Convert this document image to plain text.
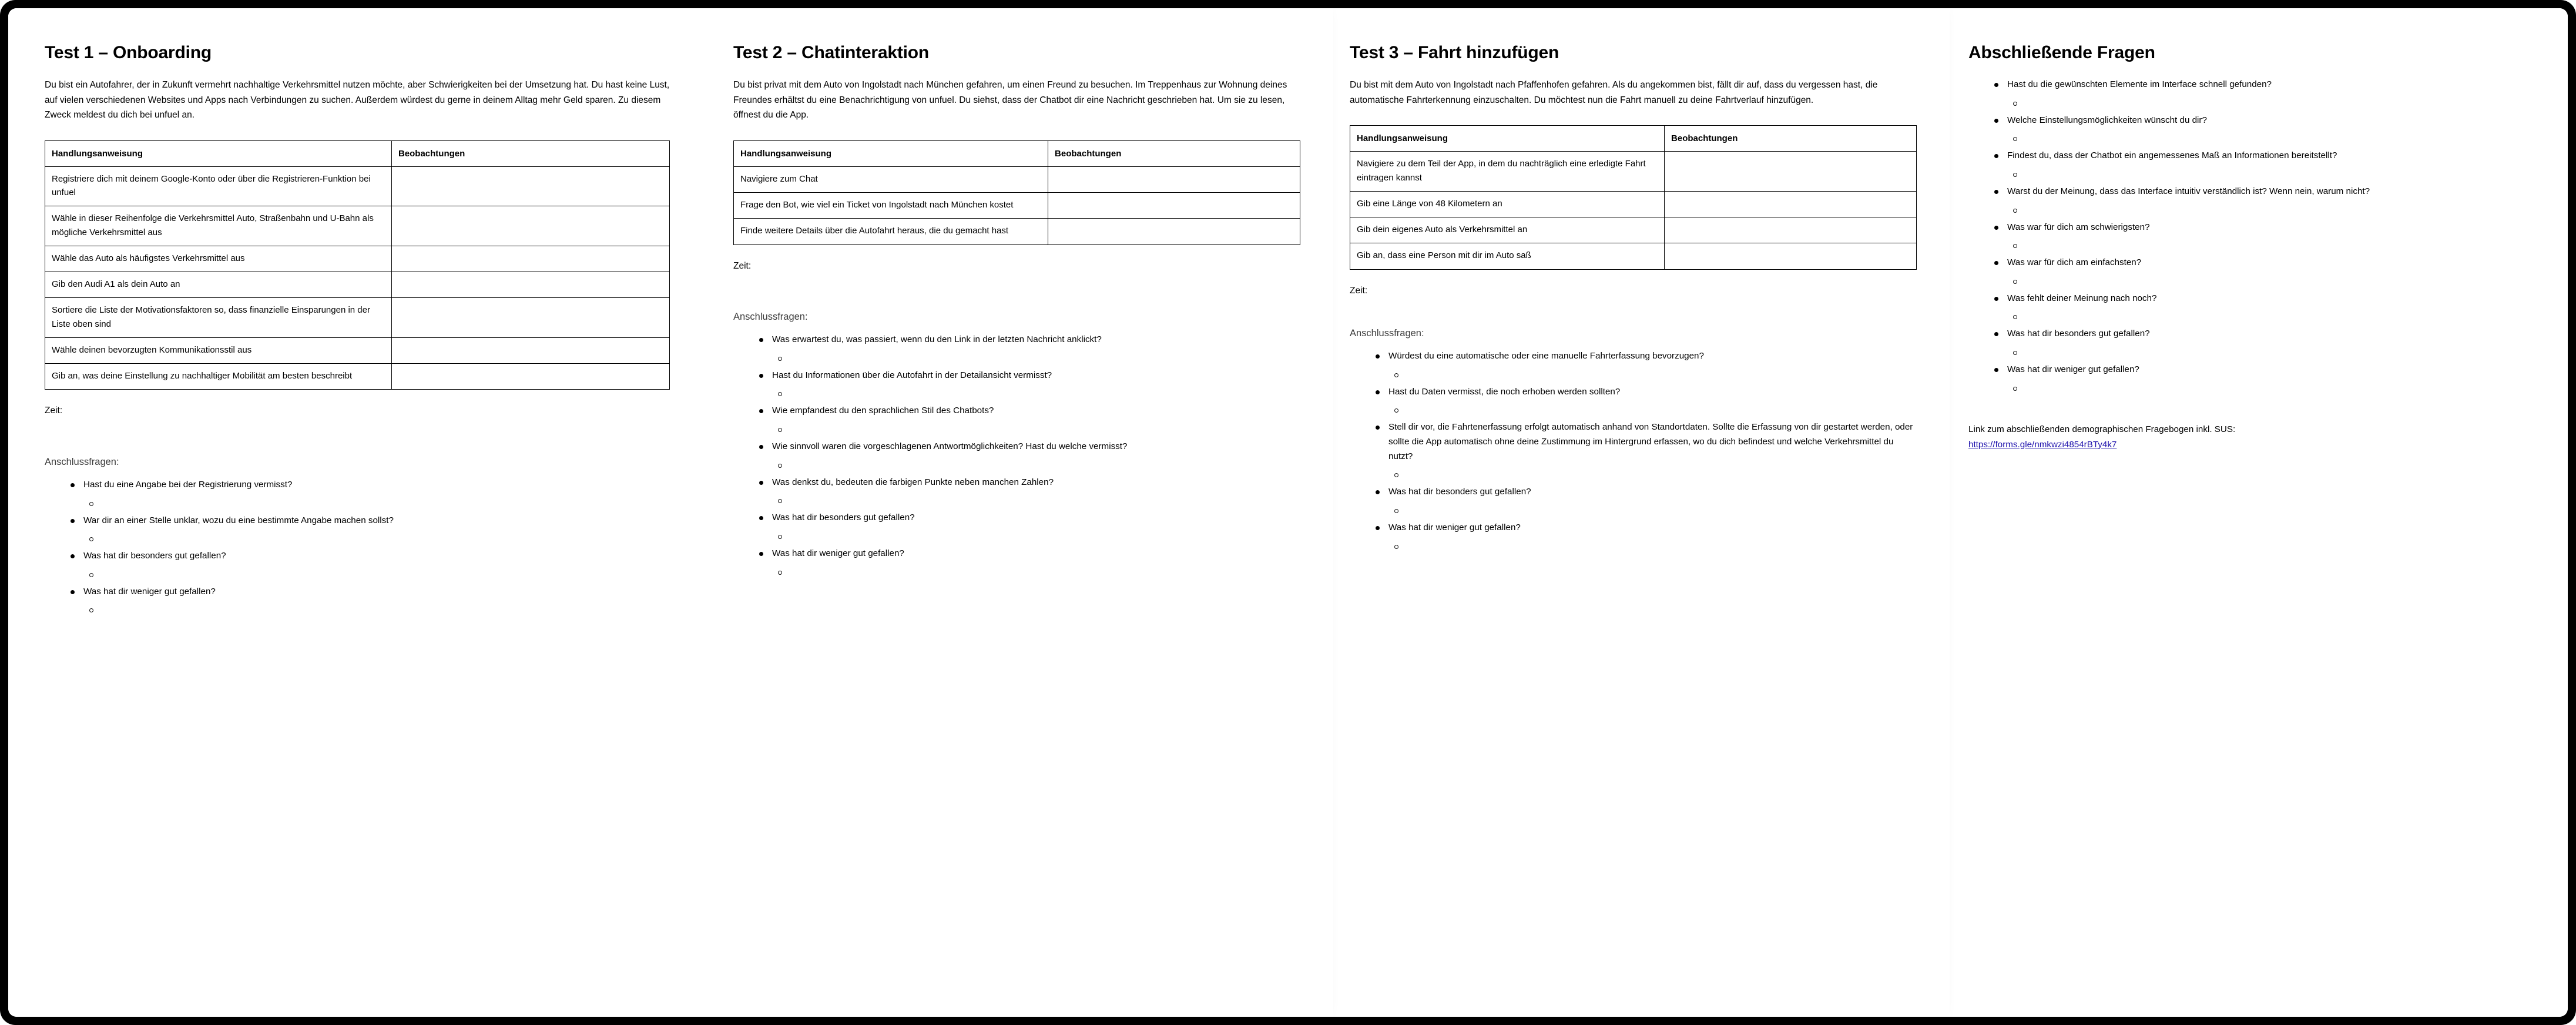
Test 1 – Onboarding

Du bist ein Autofahrer, der in Zukunft vermehrt nachhaltige Verkehrsmittel nutzen möchte, aber Schwierigkeiten bei der Umsetzung hat. Du hast keine Lust, auf vielen verschiedenen Websites und Apps nach Verbindungen zu suchen. Außerdem würdest du gerne in deinem Alltag mehr Geld sparen. Zu diesem Zweck meldest du dich bei unfuel an.

Handlungsanweisung	Beobachtungen
Registriere dich mit deinem Google-Konto oder über die Registrieren-Funktion bei unfuel	
Wähle in dieser Reihenfolge die Verkehrsmittel Auto, Straßenbahn und U-Bahn als mögliche Verkehrsmittel aus	
Wähle das Auto als häufigstes Verkehrsmittel aus	
Gib den Audi A1 als dein Auto an	
Sortiere die Liste der Motivationsfaktoren so, dass finanzielle Einsparungen in der Liste oben sind	
Wähle deinen bevorzugten Kommunikationsstil aus	
Gib an, was deine Einstellung zu nachhaltiger Mobilität am besten beschreibt	

Zeit:

Anschlussfragen:

Hast du eine Angabe bei der Registrierung vermisst?
War dir an einer Stelle unklar, wozu du eine bestimmte Angabe machen sollst?
Was hat dir besonders gut gefallen?
Was hat dir weniger gut gefallen?
Test 2 – Chatinteraktion

Du bist privat mit dem Auto von Ingolstadt nach München gefahren, um einen Freund zu besuchen. Im Treppenhaus zur Wohnung deines Freundes erhältst du eine Benachrichtigung von unfuel. Du siehst, dass der Chatbot dir eine Nachricht geschrieben hat. Um sie zu lesen, öffnest du die App.

Handlungsanweisung	Beobachtungen
Navigiere zum Chat	
Frage den Bot, wie viel ein Ticket von Ingolstadt nach München kostet	
Finde weitere Details über die Autofahrt heraus, die du gemacht hast	

Zeit:

Anschlussfragen:

Was erwartest du, was passiert, wenn du den Link in der letzten Nachricht anklickt?
Hast du Informationen über die Autofahrt in der Detailansicht vermisst?
Wie empfandest du den sprachlichen Stil des Chatbots?
Wie sinnvoll waren die vorgeschlagenen Antwortmöglichkeiten? Hast du welche vermisst?
Was denkst du, bedeuten die farbigen Punkte neben manchen Zahlen?
Was hat dir besonders gut gefallen?
Was hat dir weniger gut gefallen?
Test 3 – Fahrt hinzufügen

Du bist mit dem Auto von Ingolstadt nach Pfaffenhofen gefahren. Als du angekommen bist, fällt dir auf, dass du vergessen hast, die automatische Fahrterkennung einzuschalten. Du möchtest nun die Fahrt manuell zu deine Fahrtverlauf hinzufügen.

Handlungsanweisung	Beobachtungen
Navigiere zu dem Teil der App, in dem du nachträglich eine erledigte Fahrt eintragen kannst	
Gib eine Länge von 48 Kilometern an	
Gib dein eigenes Auto als Verkehrsmittel an	
Gib an, dass eine Person mit dir im Auto saß	

Zeit:

Anschlussfragen:

Würdest du eine automatische oder eine manuelle Fahrterfassung bevorzugen?
Hast du Daten vermisst, die noch erhoben werden sollten?
Stell dir vor, die Fahrtenerfassung erfolgt automatisch anhand von Standortdaten. Sollte die Erfassung von dir gestartet werden, oder sollte die App automatisch ohne deine Zustimmung im Hintergrund erfassen, wo du dich befindest und welche Verkehrsmittel du nutzt?
Was hat dir besonders gut gefallen?
Was hat dir weniger gut gefallen?
Abschließende Fragen
Hast du die gewünschten Elemente im Interface schnell gefunden?
Welche Einstellungsmöglichkeiten wünscht du dir?
Findest du, dass der Chatbot ein angemessenes Maß an Informationen bereitstellt?
Warst du der Meinung, dass das Interface intuitiv verständlich ist? Wenn nein, warum nicht?
Was war für dich am schwierigsten?
Was war für dich am einfachsten?
Was fehlt deiner Meinung nach noch?
Was hat dir besonders gut gefallen?
Was hat dir weniger gut gefallen?
Link zum abschließenden demographischen Fragebogen inkl. SUS:
https://forms.gle/nmkwzi4854rBTy4k7
